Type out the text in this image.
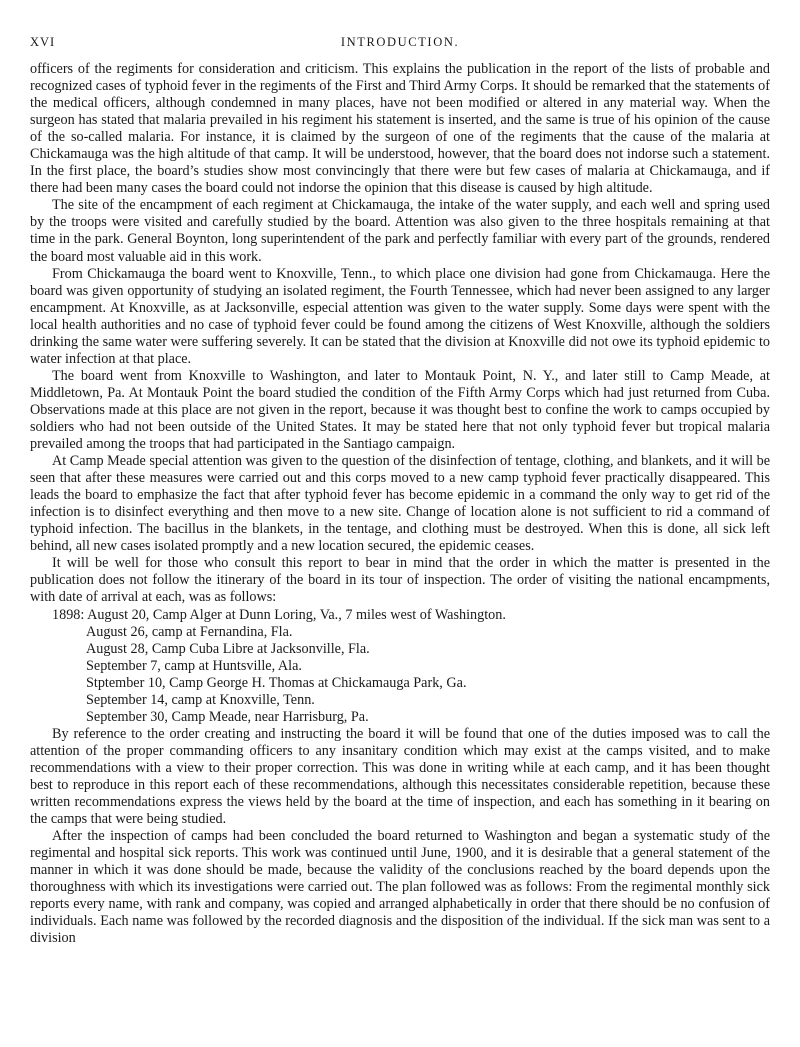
XVI	INTRODUCTION.

officers of the regiments for consideration and criticism. This explains the publication in the report of the lists of probable and recognized cases of typhoid fever in the regiments of the First and Third Army Corps. It should be remarked that the statements of the medical officers, although condemned in many places, have not been modified or altered in any material way. When the surgeon has stated that malaria prevailed in his regiment his statement is inserted, and the same is true of his opinion of the cause of the so-called malaria. For instance, it is claimed by the surgeon of one of the regiments that the cause of the malaria at Chickamauga was the high altitude of that camp. It will be understood, however, that the board does not indorse such a statement. In the first place, the board’s studies show most convincingly that there were but few cases of malaria at Chickamauga, and if there had been many cases the board could not indorse the opinion that this disease is caused by high altitude.

The site of the encampment of each regiment at Chickamauga, the intake of the water supply, and each well and spring used by the troops were visited and carefully studied by the board. Attention was also given to the three hospitals remaining at that time in the park. General Boynton, long superintendent of the park and perfectly familiar with every part of the grounds, rendered the board most valuable aid in this work.

From Chickamauga the board went to Knoxville, Tenn., to which place one division had gone from Chickamauga. Here the board was given opportunity of studying an isolated regiment, the Fourth Tennessee, which had never been assigned to any larger encampment. At Knoxville, as at Jacksonville, especial attention was given to the water supply. Some days were spent with the local health authorities and no case of typhoid fever could be found among the citizens of West Knoxville, although the soldiers drinking the same water were suffering severely. It can be stated that the division at Knoxville did not owe its typhoid epidemic to water infection at that place.

The board went from Knoxville to Washington, and later to Montauk Point, N. Y., and later still to Camp Meade, at Middletown, Pa. At Montauk Point the board studied the condition of the Fifth Army Corps which had just returned from Cuba. Observations made at this place are not given in the report, because it was thought best to confine the work to camps occupied by soldiers who had not been outside of the United States. It may be stated here that not only typhoid fever but tropical malaria prevailed among the troops that had participated in the Santiago campaign.

At Camp Meade special attention was given to the question of the disinfection of tentage, clothing, and blankets, and it will be seen that after these measures were carried out and this corps moved to a new camp typhoid fever practically disappeared. This leads the board to emphasize the fact that after typhoid fever has become epidemic in a command the only way to get rid of the infection is to disinfect everything and then move to a new site. Change of location alone is not sufficient to rid a command of typhoid infection. The bacillus in the blankets, in the tentage, and clothing must be destroyed. When this is done, all sick left behind, all new cases isolated promptly and a new location secured, the epidemic ceases.

It will be well for those who consult this report to bear in mind that the order in which the matter is presented in the publication does not follow the itinerary of the board in its tour of inspection. The order of visiting the national encampments, with date of arrival at each, was as follows:

1898: August 20, Camp Alger at Dunn Loring, Va., 7 miles west of Washington.
August 26, camp at Fernandina, Fla.
August 28, Camp Cuba Libre at Jacksonville, Fla.
September 7, camp at Huntsville, Ala.
Stptember 10, Camp George H. Thomas at Chickamauga Park, Ga.
September 14, camp at Knoxville, Tenn.
September 30, Camp Meade, near Harrisburg, Pa.

By reference to the order creating and instructing the board it will be found that one of the duties imposed was to call the attention of the proper commanding officers to any insanitary condition which may exist at the camps visited, and to make recommendations with a view to their proper correction. This was done in writing while at each camp, and it has been thought best to reproduce in this report each of these recommendations, although this necessitates considerable repetition, because these written recommendations express the views held by the board at the time of inspection, and each has something in it bearing on the camps that were being studied.

After the inspection of camps had been concluded the board returned to Washington and began a systematic study of the regimental and hospital sick reports. This work was continued until June, 1900, and it is desirable that a general statement of the manner in which it was done should be made, because the validity of the conclusions reached by the board depends upon the thoroughness with which its investigations were carried out. The plan followed was as follows: From the regimental monthly sick reports every name, with rank and company, was copied and arranged alphabetically in order that there should be no confusion of individuals. Each name was followed by the recorded diagnosis and the disposition of the individual. If the sick man was sent to a division
